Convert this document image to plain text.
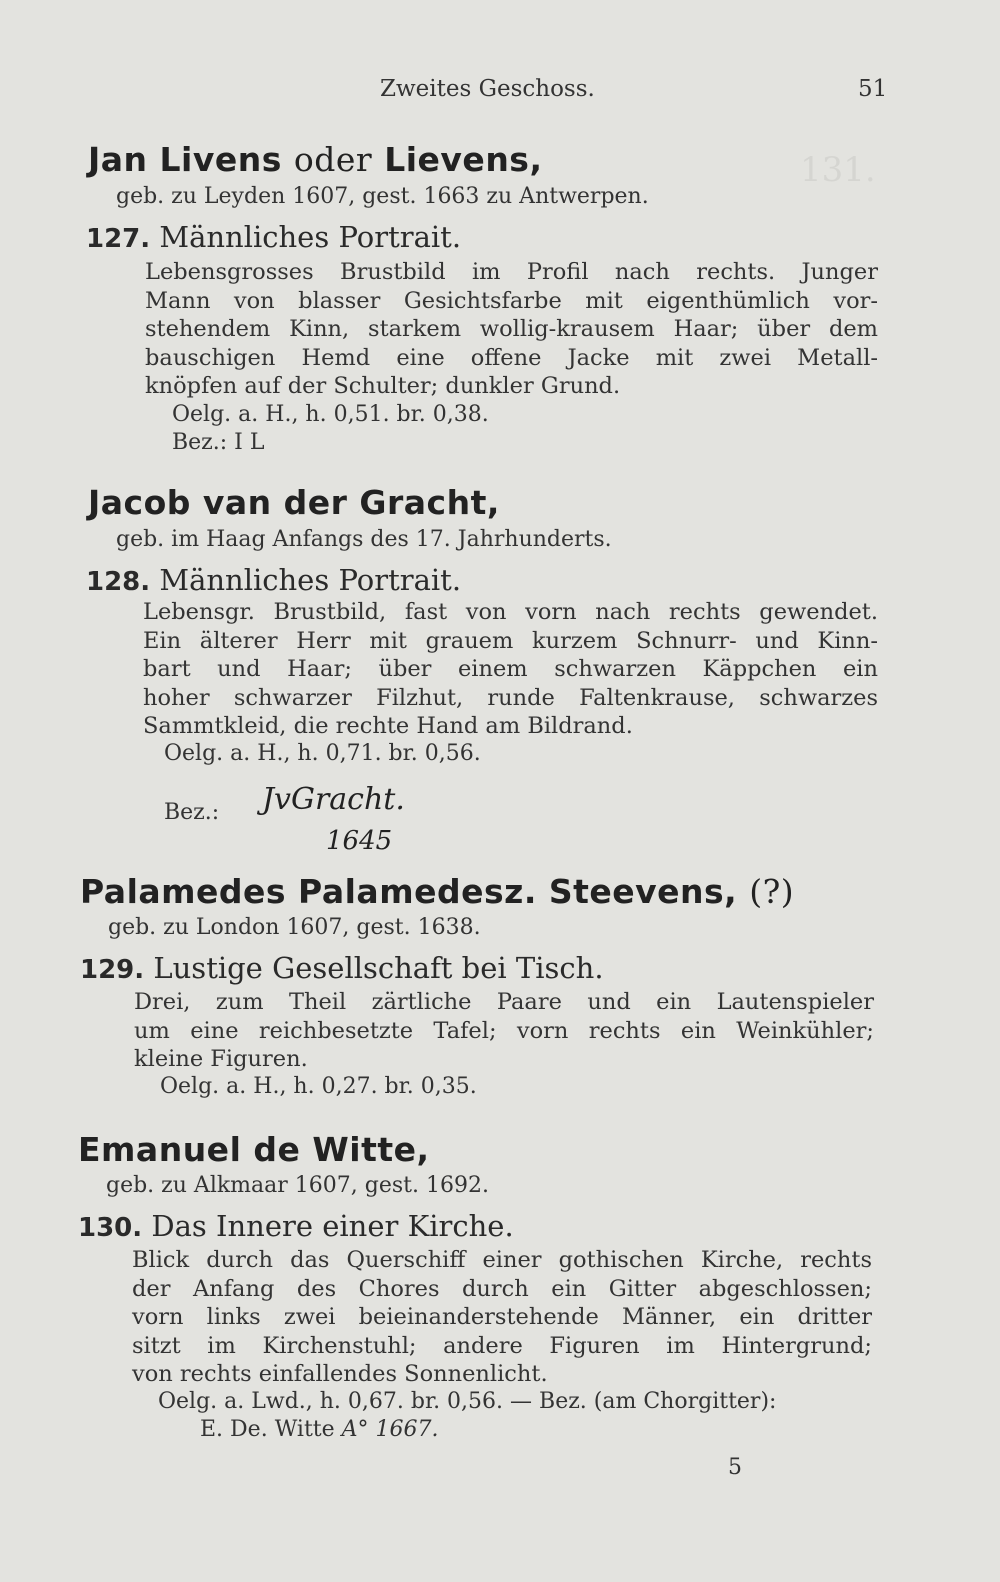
131.
Zweites Geschoss.	51
Jan Livens oder Lievens,
geb. zu Leyden 1607, gest. 1663 zu Antwerpen.
127. Männliches Portrait.
Lebensgrosses Brustbild im Profil nach rechts. Junger
Mann von blasser Gesichtsfarbe mit eigenthümlich vor-
stehendem Kinn, starkem wollig-krausem Haar; über dem
bauschigen Hemd eine offene Jacke mit zwei Metall-
knöpfen auf der Schulter; dunkler Grund.
Oelg. a. H., h. 0,51. br. 0,38.
Bez.: I L
Jacob van der Gracht,
geb. im Haag Anfangs des 17. Jahrhunderts.
128. Männliches Portrait.
Lebensgr. Brustbild, fast von vorn nach rechts gewendet.
Ein älterer Herr mit grauem kurzem Schnurr- und Kinn-
bart und Haar; über einem schwarzen Käppchen ein
hoher schwarzer Filzhut, runde Faltenkrause, schwarzes
Sammtkleid, die rechte Hand am Bildrand.
Oelg. a. H., h. 0,71. br. 0,56.
Bez.: JvGracht.
1645
Palamedes Palamedesz. Steevens, (?)
geb. zu London 1607, gest. 1638.
129. Lustige Gesellschaft bei Tisch.
Drei, zum Theil zärtliche Paare und ein Lautenspieler
um eine reichbesetzte Tafel; vorn rechts ein Weinkühler;
kleine Figuren.
Oelg. a. H., h. 0,27. br. 0,35.
Emanuel de Witte,
geb. zu Alkmaar 1607, gest. 1692.
130. Das Innere einer Kirche.
Blick durch das Querschiff einer gothischen Kirche, rechts
der Anfang des Chores durch ein Gitter abgeschlossen;
vorn links zwei beieinanderstehende Männer, ein dritter
sitzt im Kirchenstuhl; andere Figuren im Hintergrund;
von rechts einfallendes Sonnenlicht.
Oelg. a. Lwd., h. 0,67. br. 0,56. — Bez. (am Chorgitter):
E. De. Witte A° 1667.
5
